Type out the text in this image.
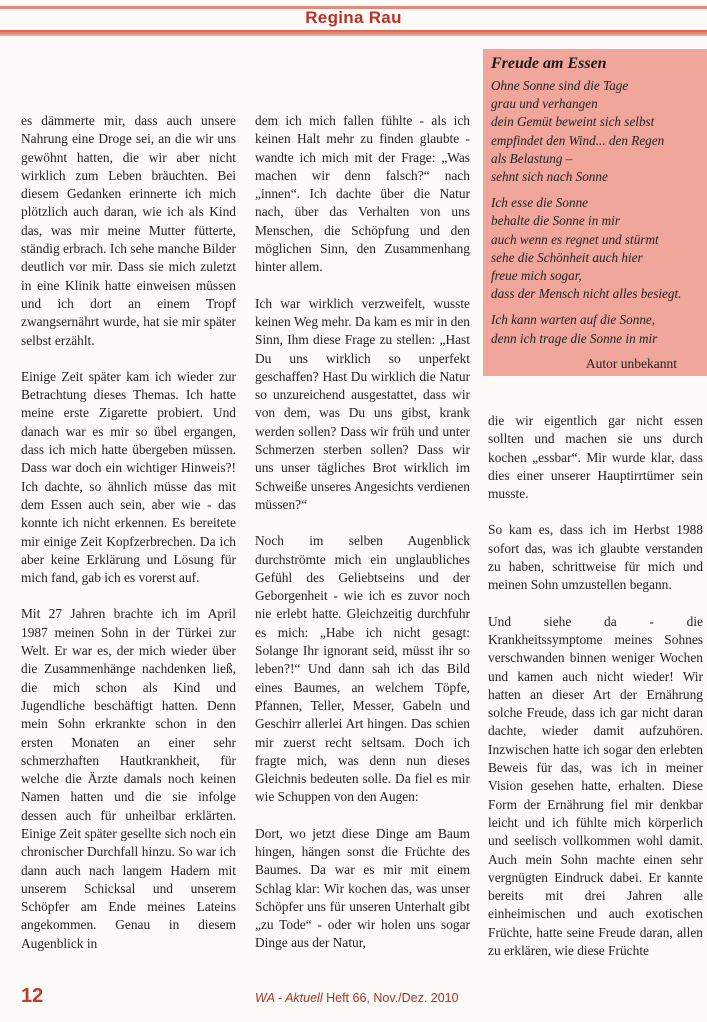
Regina Rau

es dämmerte mir, dass auch unsere Nahrung eine Droge sei, an die wir uns gewöhnt hatten, die wir aber nicht wirklich zum Leben bräuchten. Bei diesem Gedanken erinnerte ich mich plötzlich auch daran, wie ich als Kind das, was mir meine Mutter fütterte, ständig erbrach. Ich sehe manche Bilder deutlich vor mir. Dass sie mich zuletzt in eine Klinik hatte einweisen müssen und ich dort an einem Tropf zwangsernährt wurde, hat sie mir später selbst erzählt.

Einige Zeit später kam ich wieder zur Betrachtung dieses Themas. Ich hatte meine erste Zigarette probiert. Und danach war es mir so übel ergangen, dass ich mich hatte übergeben müssen. Dass war doch ein wichtiger Hinweis?! Ich dachte, so ähnlich müsse das mit dem Essen auch sein, aber wie - das konnte ich nicht erkennen. Es bereitete mir einige Zeit Kopfzerbrechen. Da ich aber keine Erklärung und Lösung für mich fand, gab ich es vorerst auf.

Mit 27 Jahren brachte ich im April 1987 meinen Sohn in der Türkei zur Welt. Er war es, der mich wieder über die Zusammenhänge nachdenken ließ, die mich schon als Kind und Jugendliche beschäftigt hatten. Denn mein Sohn erkrankte schon in den ersten Monaten an einer sehr schmerzhaften Hautkrankheit, für welche die Ärzte damals noch keinen Namen hatten und die sie infolge dessen auch für unheilbar erklärten. Einige Zeit später gesellte sich noch ein chronischer Durchfall hinzu. So war ich dann auch nach langem Hadern mit unserem Schicksal und unserem Schöpfer am Ende meines Lateins angekommen. Genau in diesem Augenblick in

dem ich mich fallen fühlte - als ich keinen Halt mehr zu finden glaubte - wandte ich mich mit der Frage: „Was machen wir denn falsch?“ nach „innen“. Ich dachte über die Natur nach, über das Verhalten von uns Menschen, die Schöpfung und den möglichen Sinn, den Zusammenhang hinter allem.

Ich war wirklich verzweifelt, wusste keinen Weg mehr. Da kam es mir in den Sinn, Ihm diese Frage zu stellen: „Hast Du uns wirklich so unperfekt geschaffen? Hast Du wirklich die Natur so unzureichend ausgestattet, dass wir von dem, was Du uns gibst, krank werden sollen? Dass wir früh und unter Schmerzen sterben sollen? Dass wir uns unser tägliches Brot wirklich im Schweiße unseres Angesichts verdienen müssen?“

Noch im selben Augenblick durchströmte mich ein unglaubliches Gefühl des Geliebtseins und der Geborgenheit - wie ich es zuvor noch nie erlebt hatte. Gleichzeitig durchfuhr es mich: „Habe ich nicht gesagt: Solange Ihr ignorant seid, müsst ihr so leben?!“ Und dann sah ich das Bild eines Baumes, an welchem Töpfe, Pfannen, Teller, Messer, Gabeln und Geschirr allerlei Art hingen. Das schien mir zuerst recht seltsam. Doch ich fragte mich, was denn nun dieses Gleichnis bedeuten solle. Da fiel es mir wie Schuppen von den Augen:

Dort, wo jetzt diese Dinge am Baum hingen, hängen sonst die Früchte des Baumes. Da war es mir mit einem Schlag klar: Wir kochen das, was unser Schöpfer uns für unseren Unterhalt gibt „zu Tode“ - oder wir holen uns sogar Dinge aus der Natur,

Freude am Essen
Ohne Sonne sind die Tage
grau und verhangen
dein Gemüt beweint sich selbst
empfindet den Wind... den Regen
als Belastung –
sehnt sich nach Sonne
Ich esse die Sonne
behalte die Sonne in mir
auch wenn es regnet und stürmt
sehe die Schönheit auch hier
freue mich sogar,
dass der Mensch nicht alles besiegt.
Ich kann warten auf die Sonne,
denn ich trage die Sonne in mir
Autor unbekannt

die wir eigentlich gar nicht essen sollten und machen sie uns durch kochen „essbar“. Mir wurde klar, dass dies einer unserer Hauptirrtümer sein musste.

So kam es, dass ich im Herbst 1988 sofort das, was ich glaubte verstanden zu haben, schrittweise für mich und meinen Sohn umzustellen begann.

Und siehe da - die Krankheitssymptome meines Sohnes verschwanden binnen weniger Wochen und kamen auch nicht wieder! Wir hatten an dieser Art der Ernährung solche Freude, dass ich gar nicht daran dachte, wieder damit aufzuhören. Inzwischen hatte ich sogar den erlebten Beweis für das, was ich in meiner Vision gesehen hatte, erhalten. Diese Form der Ernährung fiel mir denkbar leicht und ich fühlte mich körperlich und seelisch vollkommen wohl damit. Auch mein Sohn machte einen sehr vergnügten Eindruck dabei. Er kannte bereits mit drei Jahren alle einheimischen und auch exotischen Früchte, hatte seine Freude daran, allen zu erklären, wie diese Früchte

12	WA - Aktuell Heft 66, Nov./Dez. 2010
